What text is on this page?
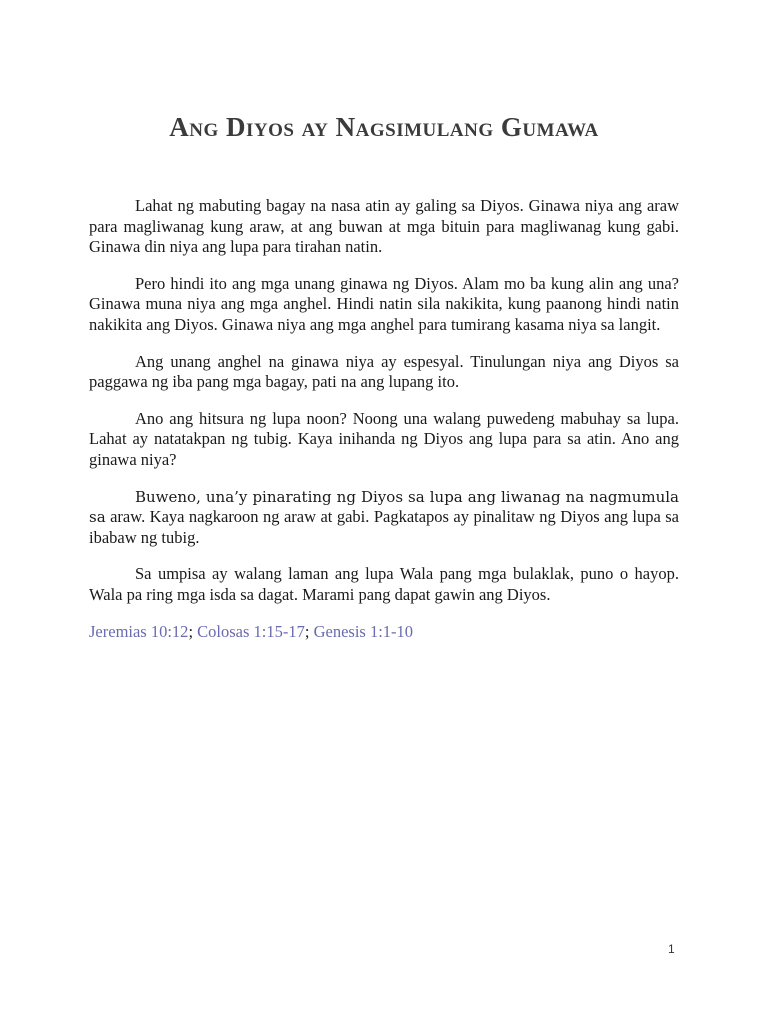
Ang Diyos ay Nagsimulang Gumawa

Lahat ng mabuting bagay na nasa atin ay galing sa Diyos. Ginawa niya ang araw para magliwanag kung araw, at ang buwan at mga bituin para magliwanag kung gabi. Ginawa din niya ang lupa para tirahan natin.

Pero hindi ito ang mga unang ginawa ng Diyos. Alam mo ba kung alin ang una? Ginawa muna niya ang mga anghel. Hindi natin sila nakikita, kung paanong hindi natin nakikita ang Diyos. Ginawa niya ang mga anghel para tumirang kasama niya sa langit.

Ang unang anghel na ginawa niya ay espesyal. Tinulungan niya ang Diyos sa paggawa ng iba pang mga bagay, pati na ang lupang ito.

Ano ang hitsura ng lupa noon? Noong una walang puwedeng mabuhay sa lupa. Lahat ay natatakpan ng tubig. Kaya inihanda ng Diyos ang lupa para sa atin. Ano ang ginawa niya?

Buweno, una’y pinarating ng Diyos sa lupa ang liwanag na nagmumula sa araw. Kaya nagkaroon ng araw at gabi. Pagkatapos ay pinalitaw ng Diyos ang lupa sa ibabaw ng tubig.

Sa umpisa ay walang laman ang lupa Wala pang mga bulaklak, puno o hayop. Wala pa ring mga isda sa dagat. Marami pang dapat gawin ang Diyos.

Jeremias 10:12; Colosas 1:15-17; Genesis 1:1-10

1
